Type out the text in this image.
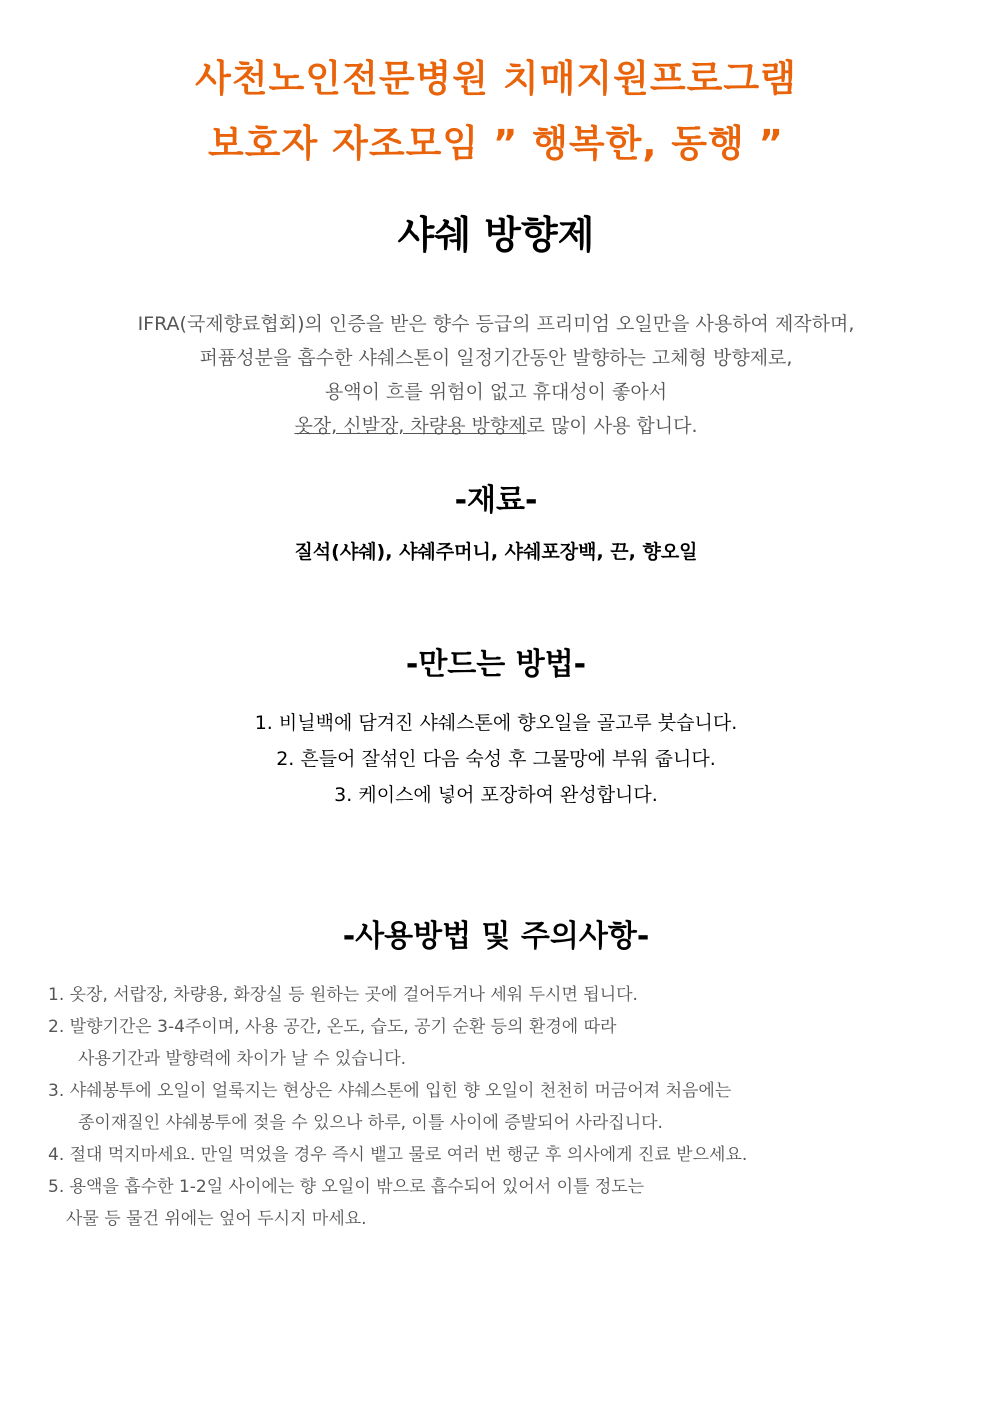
사천노인전문병원 치매지원프로그램
보호자 자조모임 ” 행복한, 동행 ”
샤쉐 방향제
IFRA(국제향료협회)의 인증을 받은 향수 등급의 프리미엄 오일만을 사용하여 제작하며,
퍼퓸성분을 흡수한 샤쉐스톤이 일정기간동안 발향하는 고체형 방향제로,
용액이 흐를 위험이 없고 휴대성이 좋아서
옷장, 신발장, 차량용 방향제로 많이 사용 합니다.
-재료-
질석(샤쉐), 샤쉐주머니, 샤쉐포장백, 끈, 향오일
-만드는 방법-
1. 비닐백에 담겨진 샤쉐스톤에 향오일을 골고루 붓습니다.
2. 흔들어 잘섞인 다음 숙성 후 그물망에 부워 줍니다.
3. 케이스에 넣어 포장하여 완성합니다.
-사용방법 및 주의사항-
1. 옷장, 서랍장, 차량용, 화장실 등 원하는 곳에 걸어두거나 세워 두시면 됩니다.
2. 발향기간은 3-4주이며, 사용 공간, 온도, 습도, 공기 순환 등의 환경에 따라
사용기간과 발향력에 차이가 날 수 있습니다.
3. 샤쉐봉투에 오일이 얼룩지는 현상은 샤쉐스톤에 입힌 향 오일이 천천히 머금어져 처음에는
종이재질인 샤쉐봉투에 젖을 수 있으나 하루, 이틀 사이에 증발되어 사라집니다.
4. 절대 먹지마세요. 만일 먹었을 경우 즉시 뱉고 물로 여러 번 행군 후 의사에게 진료 받으세요.
5. 용액을 흡수한 1-2일 사이에는 향 오일이 밖으로 흡수되어 있어서 이틀 정도는
사물 등 물건 위에는 엎어 두시지 마세요.
